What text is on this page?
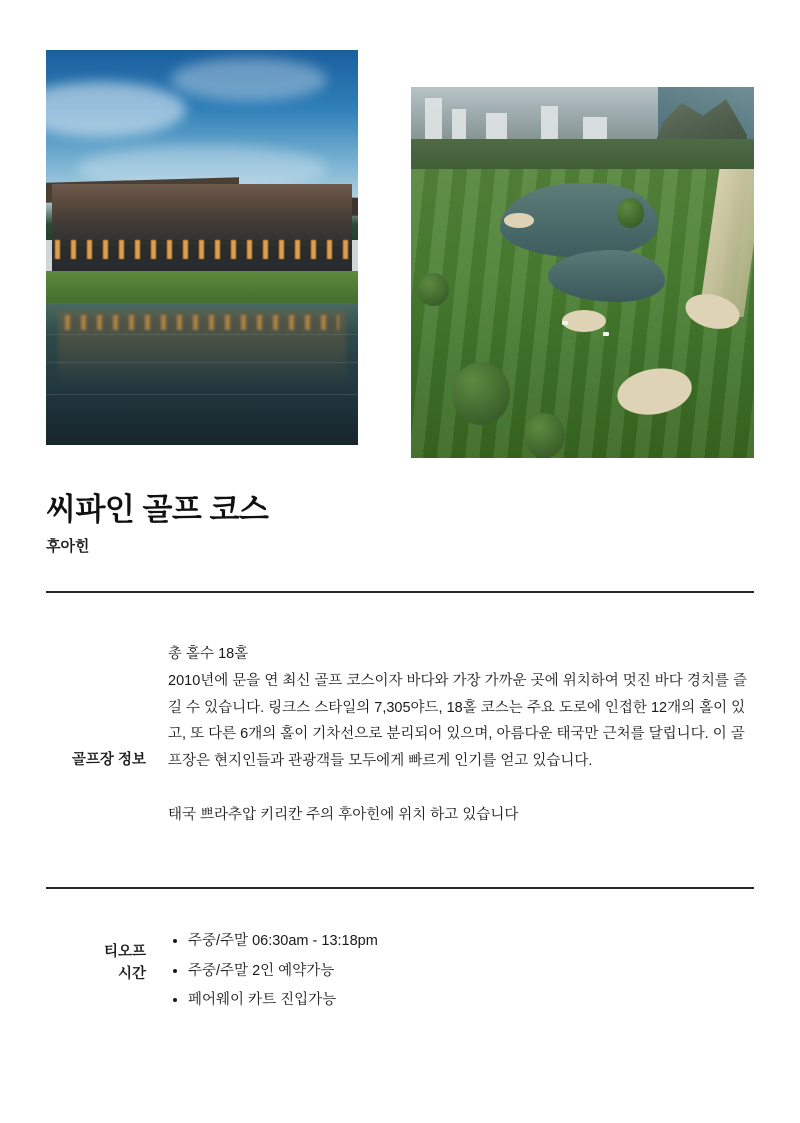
씨파인 골프 코스

후아힌

골프장 정보

총 홀수 18홀

2010년에 문을 연 최신 골프 코스이자 바다와 가장 가까운 곳에 위치하여 멋진 바다 경치를 즐길 수 있습니다. 링크스 스타일의 7,305야드, 18홀 코스는 주요 도로에 인접한 12개의 홀이 있고, 또 다른 6개의 홀이 기차선으로 분리되어 있으며, 아름다운 태국만 근처를 달립니다. 이 골프장은 현지인들과 관광객들 모두에게 빠르게 인기를 얻고 있습니다.

태국 쁘라추압 키리칸 주의 후아힌에 위치 하고 있습니다

티오프
시간
• 주중/주말 06:30am - 13:18pm
• 주중/주말 2인 예약가능
• 페어웨이 카트 진입가능
